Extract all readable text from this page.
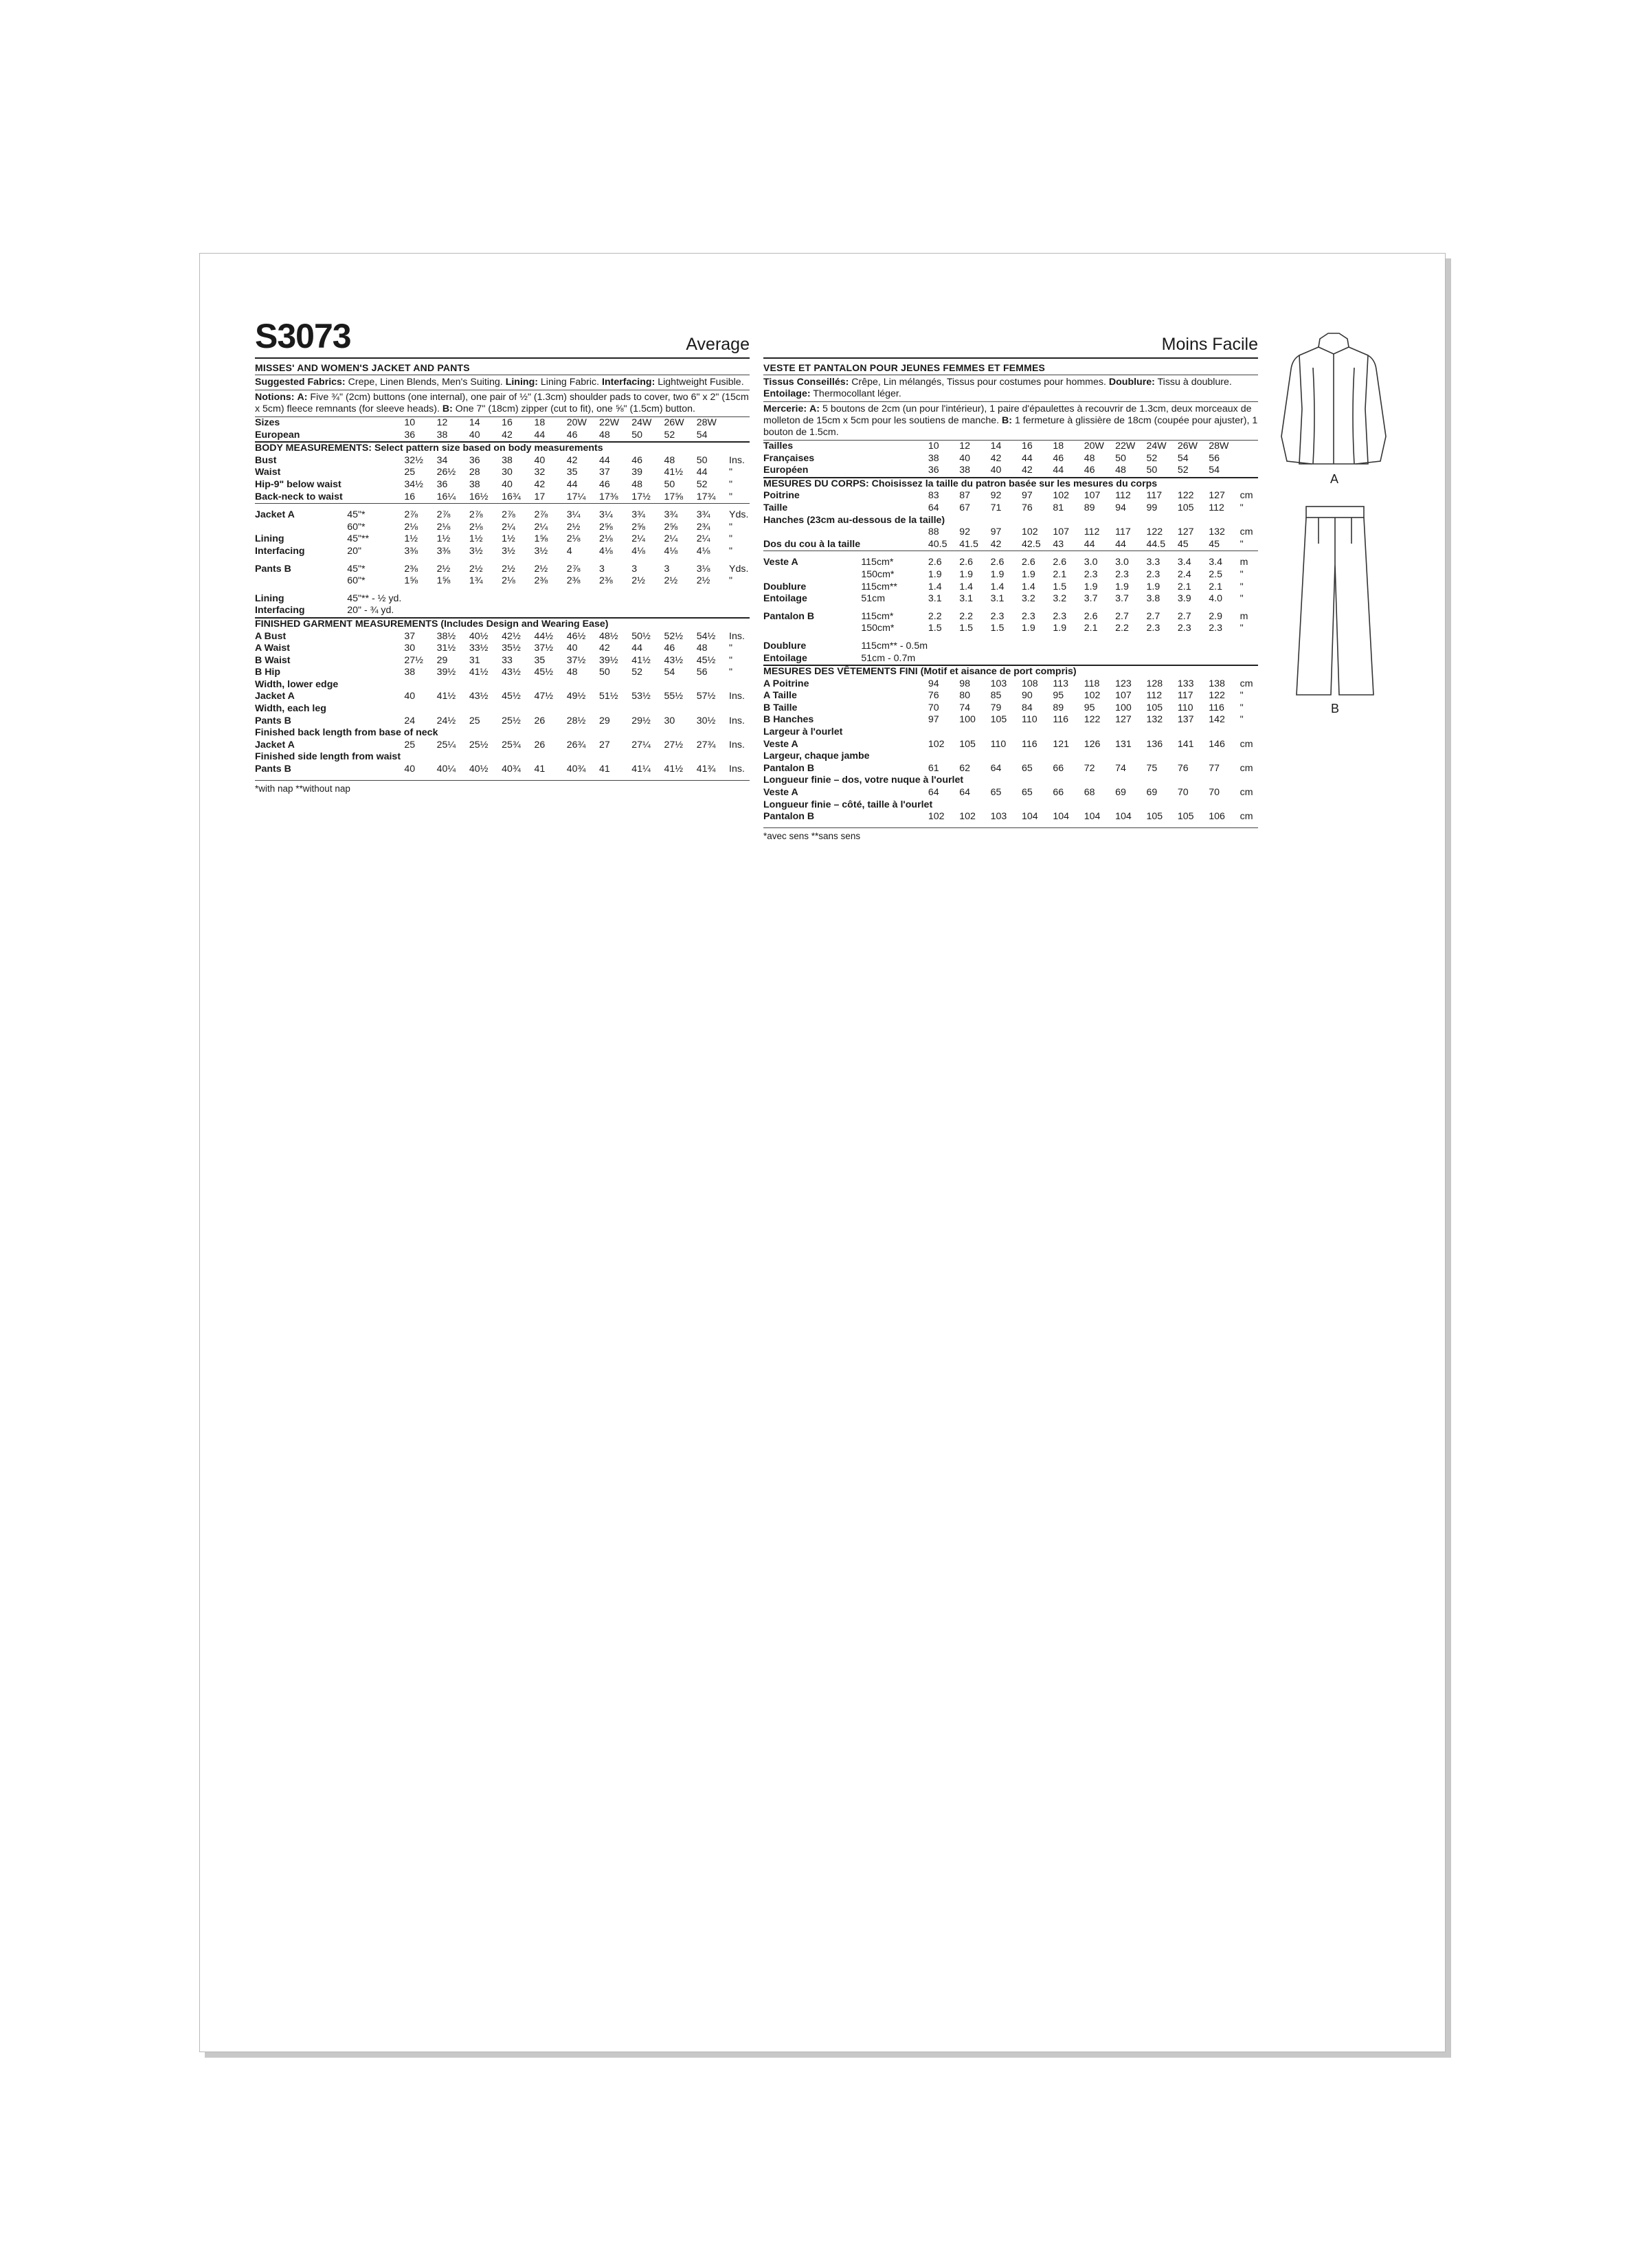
S3073	Average
MISSES' AND WOMEN'S JACKET AND PANTS
Suggested Fabrics: Crepe, Linen Blends, Men's Suiting. Lining: Lining Fabric. Interfacing: Lightweight Fusible.
Notions: A: Five ¾" (2cm) buttons (one internal), one pair of ½" (1.3cm) shoulder pads to cover, two 6" x 2" (15cm x 5cm) fleece remnants (for sleeve heads). B: One 7" (18cm) zipper (cut to fit), one ⅝" (1.5cm) button.
Sizes		10	12	14	16	18	20W	22W	24W	26W	28W	
European		36	38	40	42	44	46	48	50	52	54	
BODY MEASUREMENTS: Select pattern size based on body measurements												
Bust		32½	34	36	38	40	42	44	46	48	50	Ins.
Waist		25	26½	28	30	32	35	37	39	41½	44	"
Hip-9" below waist		34½	36	38	40	42	44	46	48	50	52	"
Back-neck to waist		16	16¼	16½	16¾	17	17¼	17⅜	17½	17⅝	17¾	"
Jacket A	45"*	2⅞	2⅞	2⅞	2⅞	2⅞	3¼	3¼	3¾	3¾	3¾	Yds.
	60"*	2⅛	2⅛	2⅛	2¼	2¼	2½	2⅝	2⅝	2⅝	2¾	"
Lining	45"**	1½	1½	1½	1½	1⅝	2⅛	2⅛	2¼	2¼	2¼	"
Interfacing	20"	3⅜	3⅜	3½	3½	3½	4	4⅛	4⅛	4⅛	4⅛	"
Pants B	45"*	2⅜	2½	2½	2½	2½	2⅞	3	3	3	3⅛	Yds.
	60"*	1⅝	1⅝	1¾	2⅛	2⅜	2⅜	2⅜	2½	2½	2½	"
Lining	45"** - ½ yd.											
Interfacing	20" - ¾ yd.											
FINISHED GARMENT MEASUREMENTS (Includes Design and Wearing Ease)												
A Bust		37	38½	40½	42½	44½	46½	48½	50½	52½	54½	Ins.
A Waist		30	31½	33½	35½	37½	40	42	44	46	48	"
B Waist		27½	29	31	33	35	37½	39½	41½	43½	45½	"
B Hip		38	39½	41½	43½	45½	48	50	52	54	56	"
Width, lower edge												
Jacket A		40	41½	43½	45½	47½	49½	51½	53½	55½	57½	Ins.
Width, each leg												
Pants B		24	24½	25	25½	26	28½	29	29½	30	30½	Ins.
Finished back length from base of neck												
Jacket A		25	25¼	25½	25¾	26	26¾	27	27¼	27½	27¾	Ins.
Finished side length from waist												
Pants B		40	40¼	40½	40¾	41	40¾	41	41¼	41½	41¾	Ins.
*with nap **without nap
Moins Facile
VESTE ET PANTALON POUR JEUNES FEMMES ET FEMMES
Tissus Conseillés: Crêpe, Lin mélangés, Tissus pour costumes pour hommes. Doublure: Tissu à doublure. Entoilage: Thermocollant léger.
Mercerie: A: 5 boutons de 2cm (un pour l'intérieur), 1 paire d'épaulettes à recouvrir de 1.3cm, deux morceaux de molleton de 15cm x 5cm pour les soutiens de manche. B: 1 fermeture à glissière de 18cm (coupée pour ajuster), 1 bouton de 1.5cm.
Tailles		10	12	14	16	18	20W	22W	24W	26W	28W	
Françaises		38	40	42	44	46	48	50	52	54	56	
Européen		36	38	40	42	44	46	48	50	52	54	
MESURES DU CORPS: Choisissez la taille du patron basée sur les mesures du corps												
Poitrine		83	87	92	97	102	107	112	117	122	127	cm
Taille		64	67	71	76	81	89	94	99	105	112	"
Hanches (23cm au-dessous de la taille)												
		88	92	97	102	107	112	117	122	127	132	cm
Dos du cou à la taille		40.5	41.5	42	42.5	43	44	44	44.5	45	45	"
Veste A	115cm*	2.6	2.6	2.6	2.6	2.6	3.0	3.0	3.3	3.4	3.4	m
	150cm*	1.9	1.9	1.9	1.9	2.1	2.3	2.3	2.3	2.4	2.5	"
Doublure	115cm**	1.4	1.4	1.4	1.4	1.5	1.9	1.9	1.9	2.1	2.1	"
Entoilage	51cm	3.1	3.1	3.1	3.2	3.2	3.7	3.7	3.8	3.9	4.0	"
Pantalon B	115cm*	2.2	2.2	2.3	2.3	2.3	2.6	2.7	2.7	2.7	2.9	m
	150cm*	1.5	1.5	1.5	1.9	1.9	2.1	2.2	2.3	2.3	2.3	"
Doublure	115cm** - 0.5m											
Entoilage	51cm - 0.7m											
MESURES DES VÊTEMENTS FINI (Motif et aisance de port compris)												
A Poitrine		94	98	103	108	113	118	123	128	133	138	cm
A Taille		76	80	85	90	95	102	107	112	117	122	"
B Taille		70	74	79	84	89	95	100	105	110	116	"
B Hanches		97	100	105	110	116	122	127	132	137	142	"
Largeur à l'ourlet												
Veste A		102	105	110	116	121	126	131	136	141	146	cm
Largeur, chaque jambe												
Pantalon B		61	62	64	65	66	72	74	75	76	77	cm
Longueur finie – dos, votre nuque à l'ourlet												
Veste A		64	64	65	65	66	68	69	69	70	70	cm
Longueur finie – côté, taille à l'ourlet												
Pantalon B		102	102	103	104	104	104	104	105	105	106	cm
*avec sens **sans sens
A
B
